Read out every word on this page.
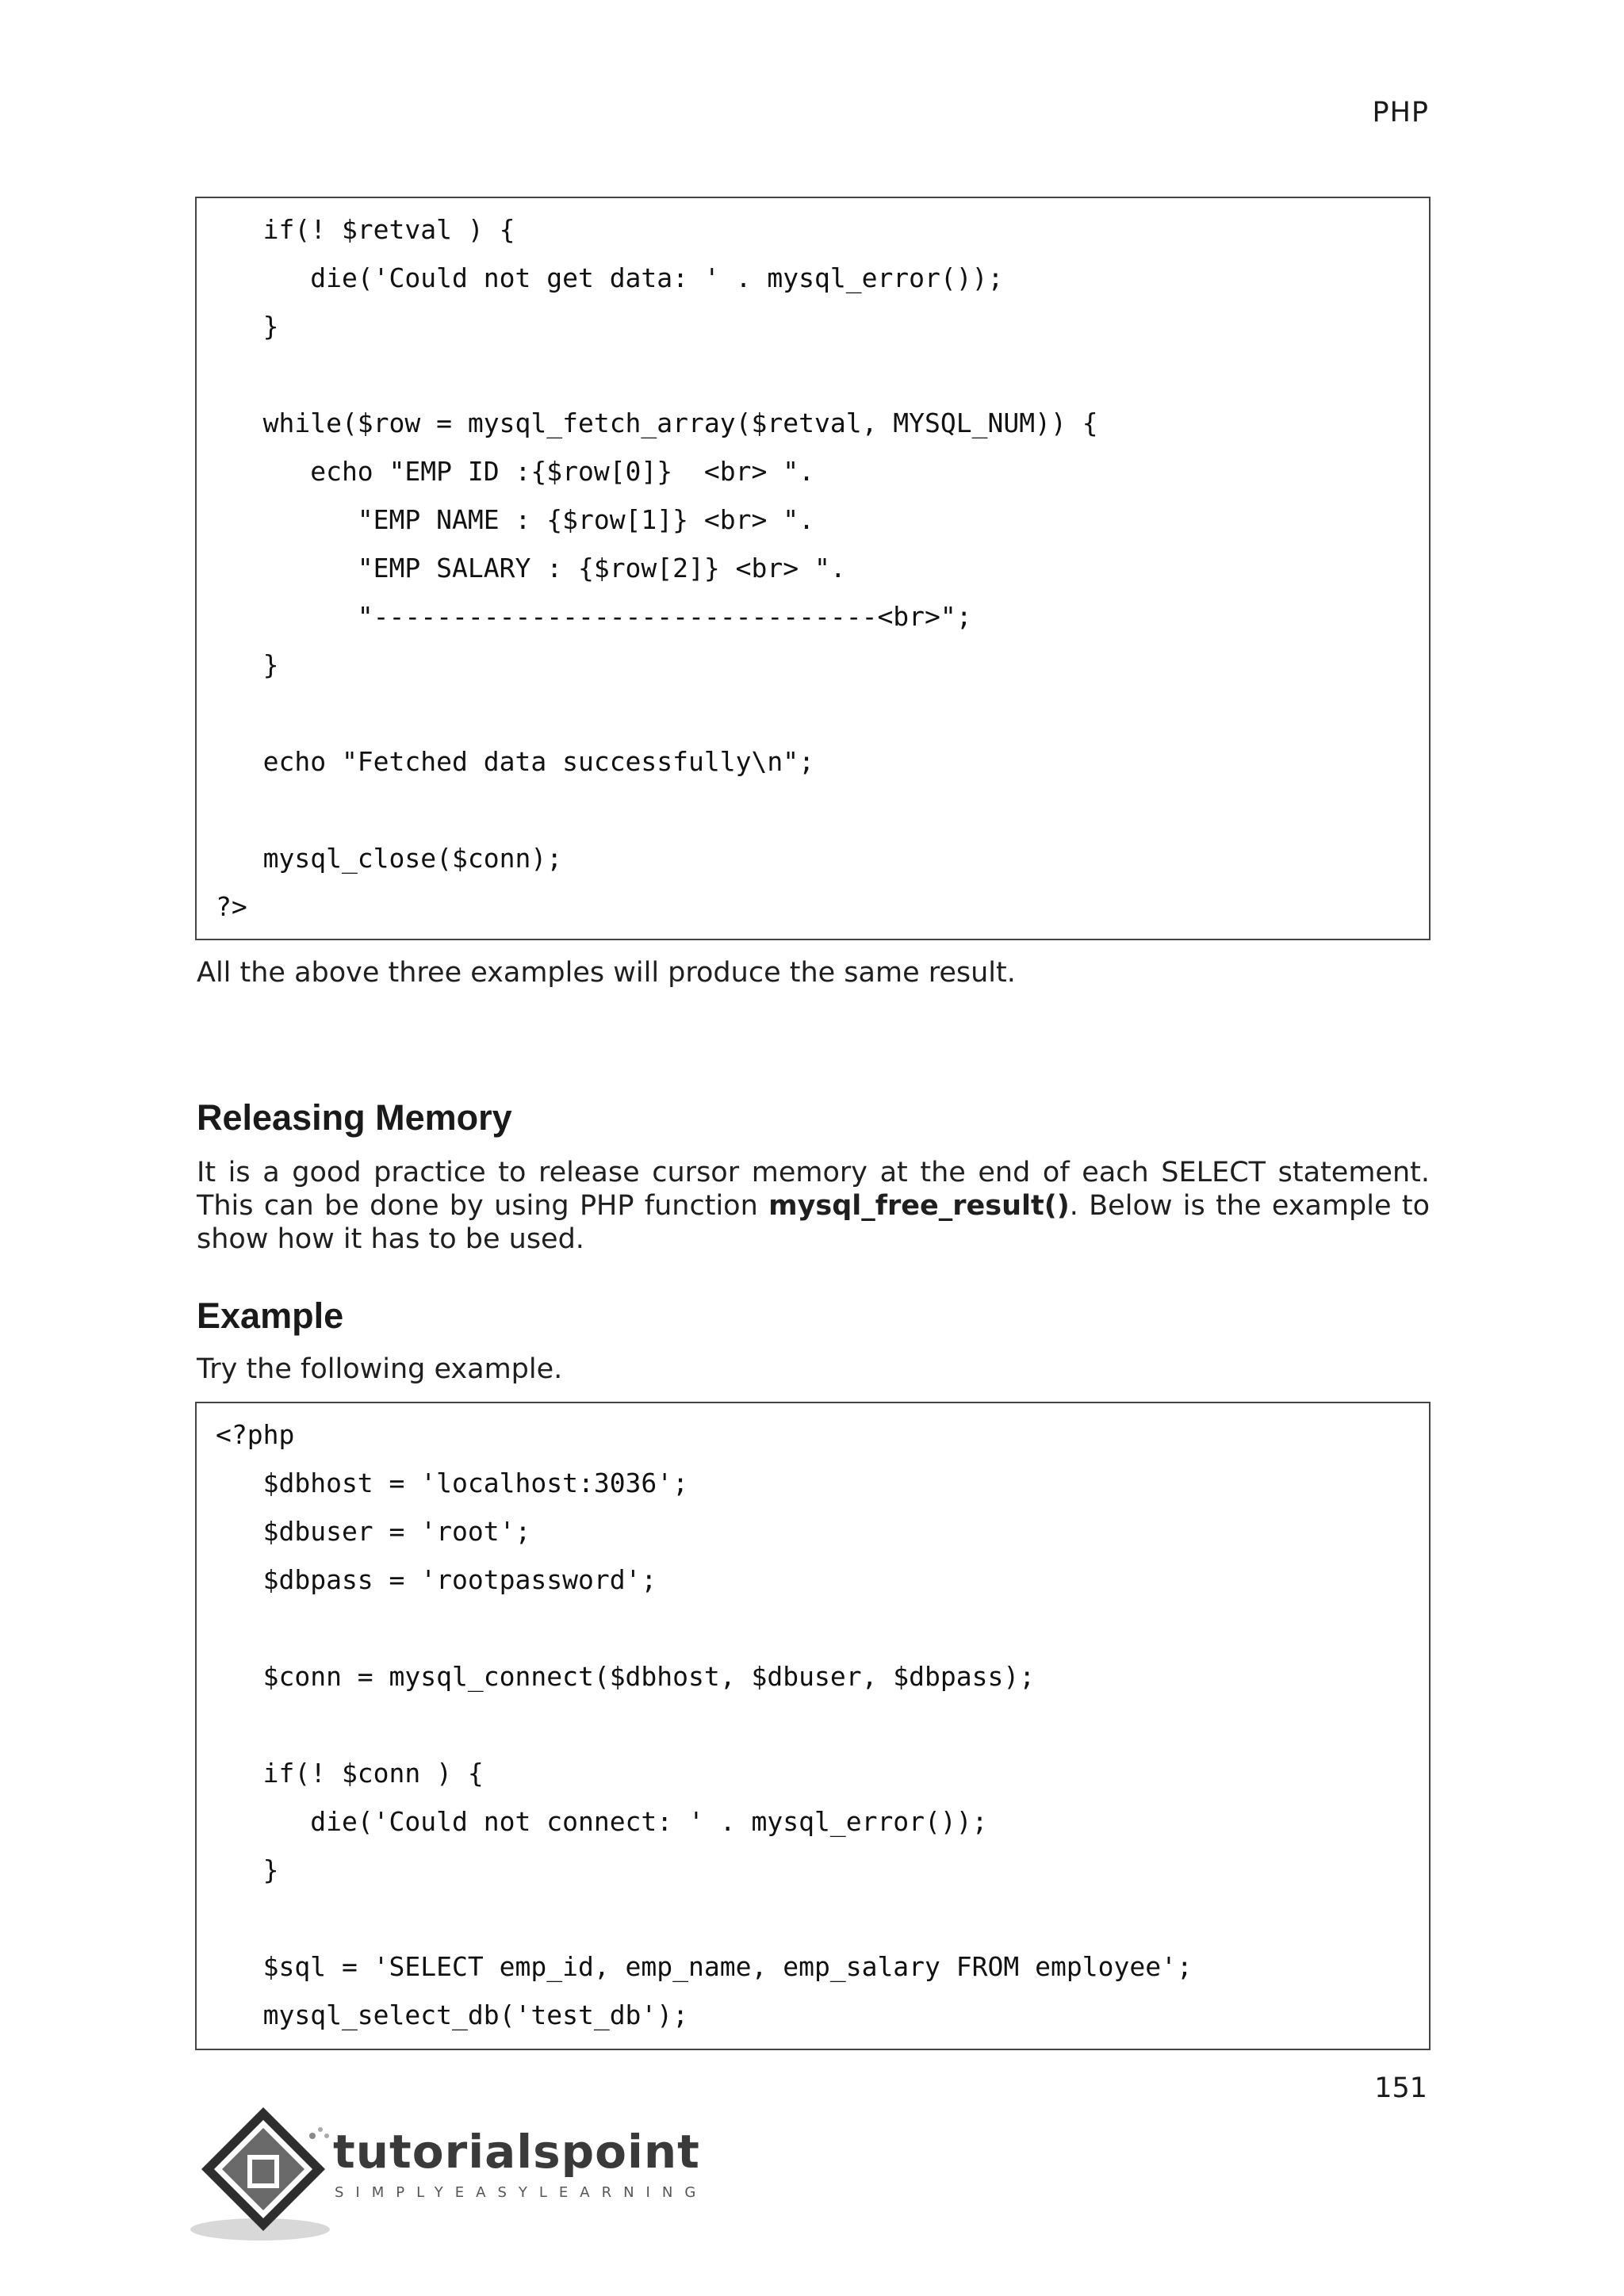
PHP
if(! $retval ) {
die('Could not get data: ' . mysql_error());
}
while($row = mysql_fetch_array($retval, MYSQL_NUM)) {
echo "EMP ID :{$row[0]}  <br> ".
"EMP NAME : {$row[1]} <br> ".
"EMP SALARY : {$row[2]} <br> ".
"--------------------------------<br>";
}
echo "Fetched data successfully\n";
mysql_close($conn);
?>

All the above three examples will produce the same result.

Releasing Memory

It is a good practice to release cursor memory at the end of each SELECT statement. This can be done by using PHP function mysql_free_result(). Below is the example to show how it has to be used.

Example

Try the following example.

<?php
$dbhost = 'localhost:3036';
$dbuser = 'root';
$dbpass = 'rootpassword';
$conn = mysql_connect($dbhost, $dbuser, $dbpass);
if(! $conn ) {
die('Could not connect: ' . mysql_error());
}
$sql = 'SELECT emp_id, emp_name, emp_salary FROM employee';
mysql_select_db('test_db');
151
tutorialspoint
SIMPLYEASYLEARNING
